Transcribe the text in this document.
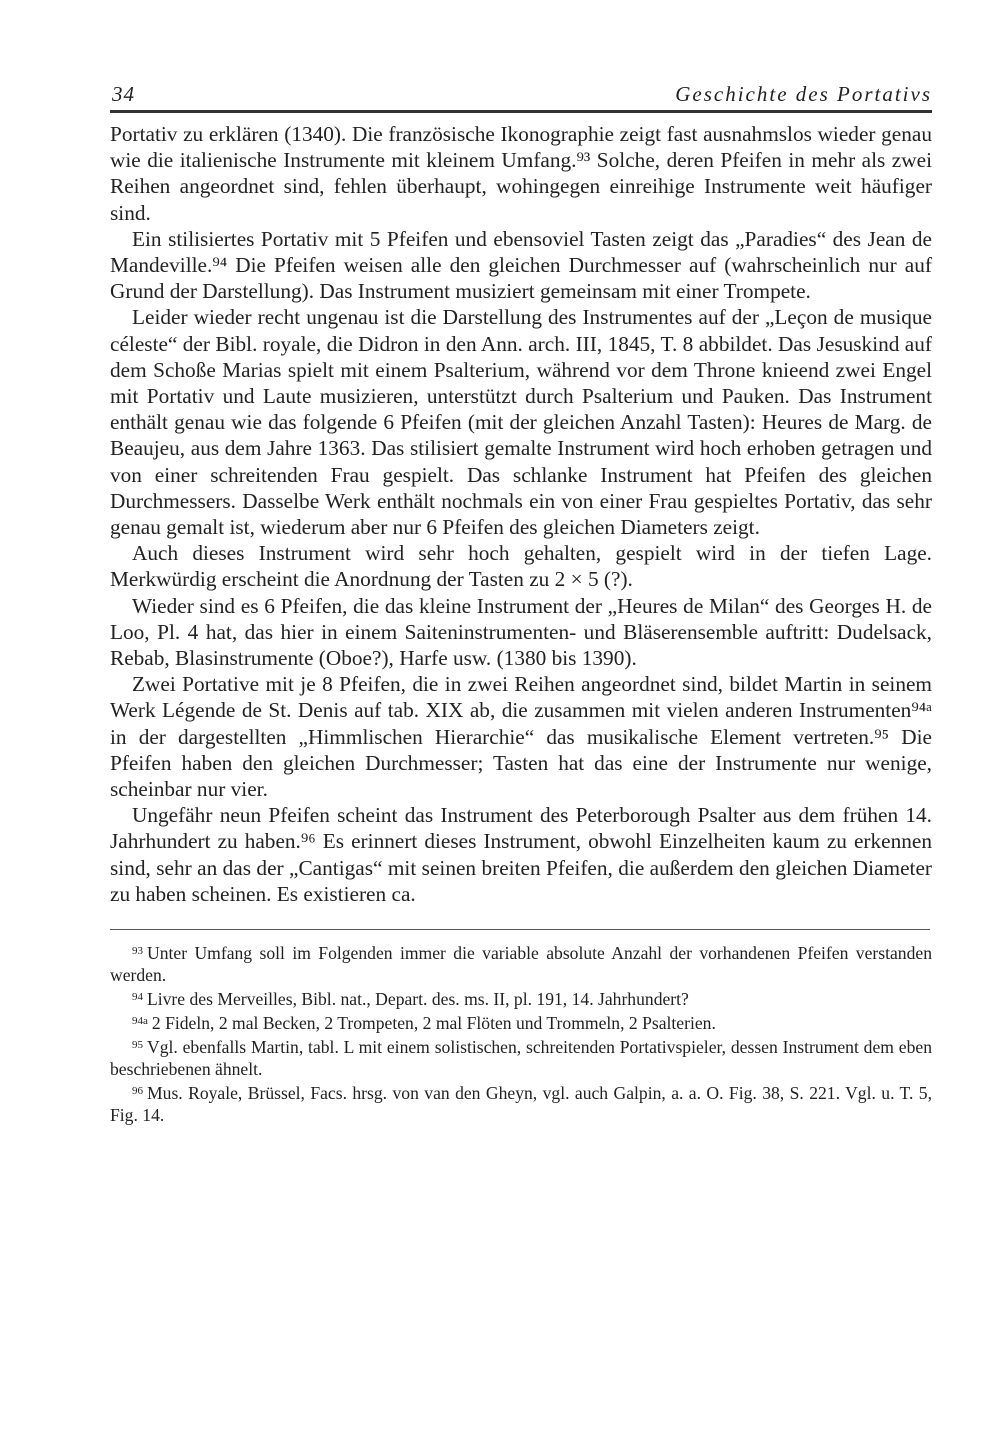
34	Geschichte des Portativs

Portativ zu erklären (1340). Die französische Ikonographie zeigt fast ausnahmslos wieder genau wie die italienische Instrumente mit kleinem Umfang.⁹³ Solche, deren Pfeifen in mehr als zwei Reihen angeordnet sind, fehlen überhaupt, wohingegen einreihige Instrumente weit häufiger sind.

Ein stilisiertes Portativ mit 5 Pfeifen und ebensoviel Tasten zeigt das „Paradies“ des Jean de Mandeville.⁹⁴ Die Pfeifen weisen alle den gleichen Durchmesser auf (wahrscheinlich nur auf Grund der Darstellung). Das Instrument musiziert gemeinsam mit einer Trompete.

Leider wieder recht ungenau ist die Darstellung des Instrumentes auf der „Leçon de musique céleste“ der Bibl. royale, die Didron in den Ann. arch. III, 1845, T. 8 abbildet. Das Jesuskind auf dem Schoße Marias spielt mit einem Psalterium, während vor dem Throne knieend zwei Engel mit Portativ und Laute musizieren, unterstützt durch Psalterium und Pauken. Das Instrument enthält genau wie das folgende 6 Pfeifen (mit der gleichen Anzahl Tasten): Heures de Marg. de Beaujeu, aus dem Jahre 1363. Das stilisiert gemalte Instrument wird hoch erhoben getragen und von einer schreitenden Frau gespielt. Das schlanke Instrument hat Pfeifen des gleichen Durchmessers. Dasselbe Werk enthält nochmals ein von einer Frau gespieltes Portativ, das sehr genau gemalt ist, wiederum aber nur 6 Pfeifen des gleichen Diameters zeigt.

Auch dieses Instrument wird sehr hoch gehalten, gespielt wird in der tiefen Lage. Merkwürdig erscheint die Anordnung der Tasten zu 2 × 5 (?).

Wieder sind es 6 Pfeifen, die das kleine Instrument der „Heures de Milan“ des Georges H. de Loo, Pl. 4 hat, das hier in einem Saiteninstrumenten- und Bläserensemble auftritt: Dudelsack, Rebab, Blasinstrumente (Oboe?), Harfe usw. (1380 bis 1390).

Zwei Portative mit je 8 Pfeifen, die in zwei Reihen angeordnet sind, bildet Martin in seinem Werk Légende de St. Denis auf tab. XIX ab, die zusammen mit vielen anderen Instrumenten⁹⁴ᵃ in der dargestellten „Himmlischen Hierarchie“ das musikalische Element vertreten.⁹⁵ Die Pfeifen haben den gleichen Durchmesser; Tasten hat das eine der Instrumente nur wenige, scheinbar nur vier.

Ungefähr neun Pfeifen scheint das Instrument des Peterborough Psalter aus dem frühen 14. Jahrhundert zu haben.⁹⁶ Es erinnert dieses Instrument, obwohl Einzelheiten kaum zu erkennen sind, sehr an das der „Cantigas“ mit seinen breiten Pfeifen, die außerdem den gleichen Diameter zu haben scheinen. Es existieren ca.

$^{93}$ Unter Umfang soll im Folgenden immer die variable absolute Anzahl der vorhandenen Pfeifen verstanden werden.

$^{94}$ Livre des Merveilles, Bibl. nat., Depart. des. ms. II, pl. 191, 14. Jahrhundert?

$^{94a}$ 2 Fideln, 2 mal Becken, 2 Trompeten, 2 mal Flöten und Trommeln, 2 Psalterien.

$^{95}$ Vgl. ebenfalls Martin, tabl. L mit einem solistischen, schreitenden Portativspieler, dessen Instrument dem eben beschriebenen ähnelt.

$^{96}$ Mus. Royale, Brüssel, Facs. hrsg. von van den Gheyn, vgl. auch Galpin, a. a. O. Fig. 38, S. 221. Vgl. u. T. 5, Fig. 14.
